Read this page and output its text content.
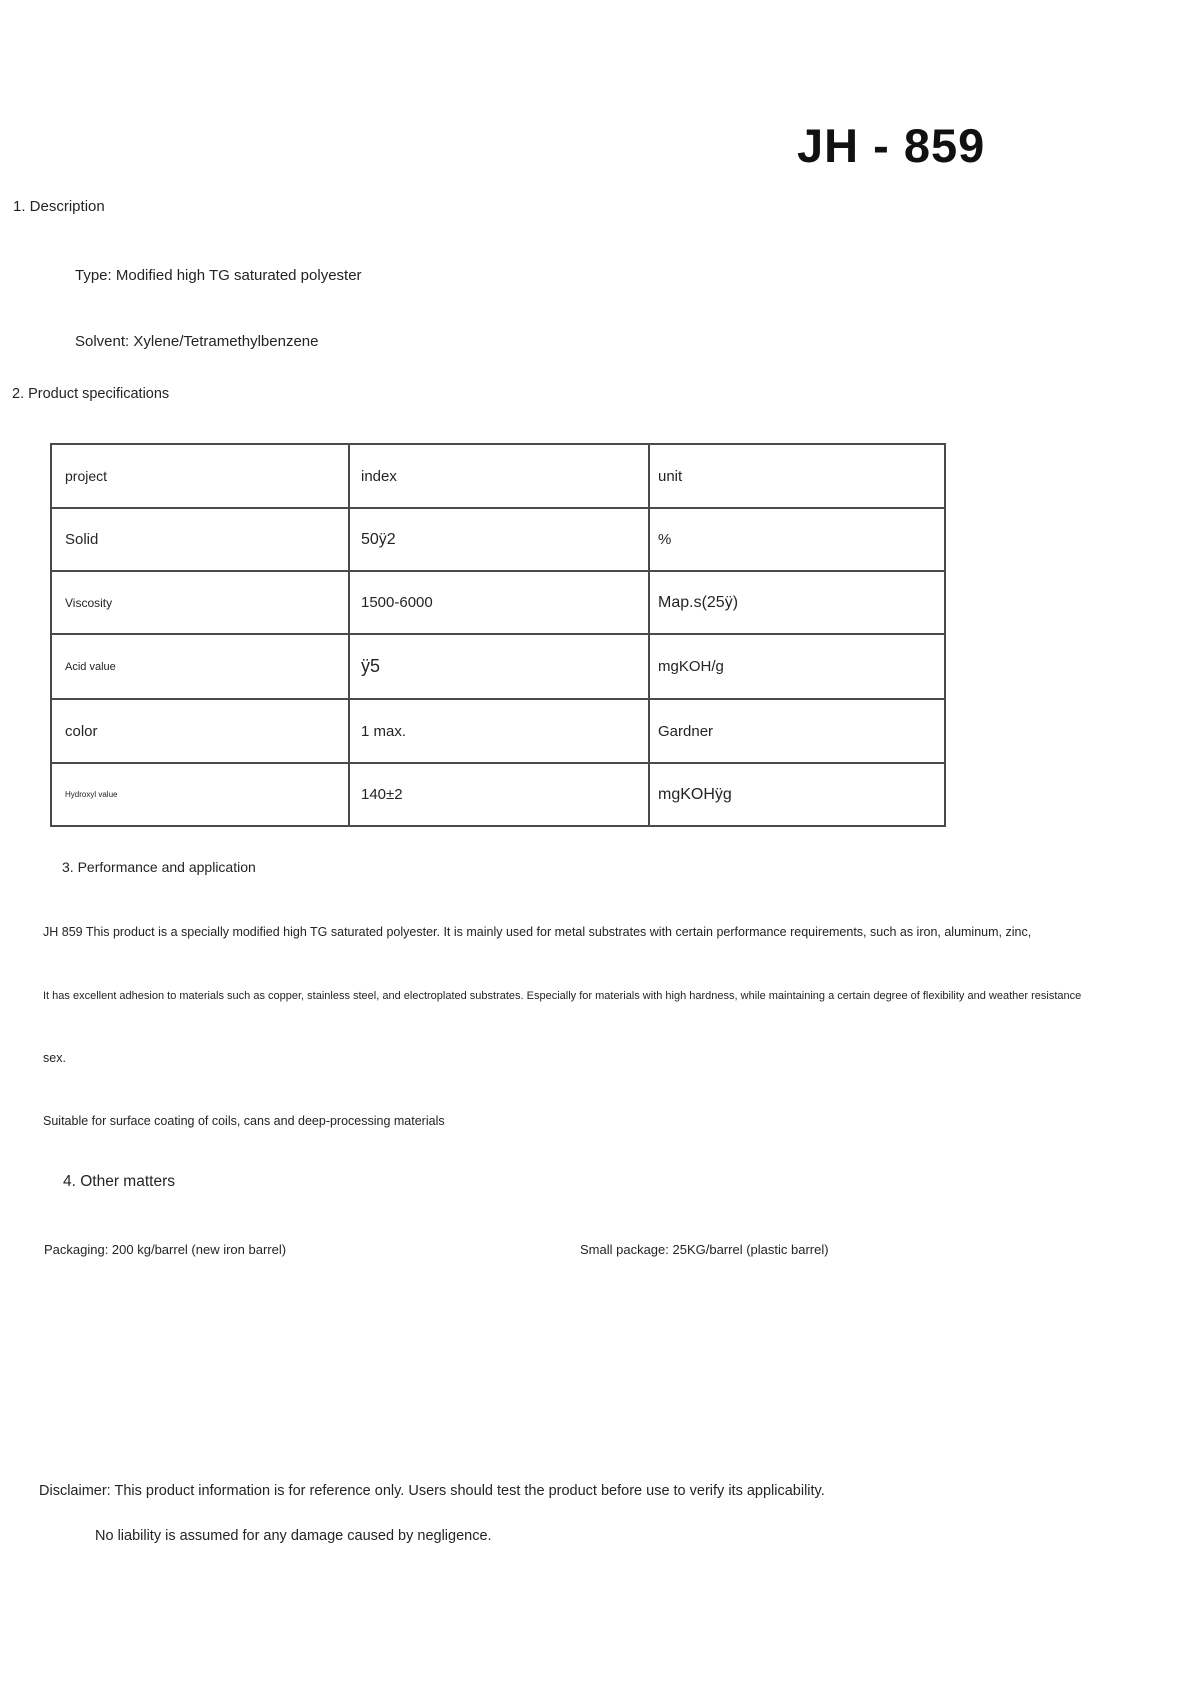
JH - 859
1. Description
Type: Modified high TG saturated polyester
Solvent: Xylene/Tetramethylbenzene
2. Product specifications
project	index	unit
Solid	50ÿ2	%
Viscosity	1500-6000	Map.s(25ÿ)
Acid value	ÿ5	mgKOH/g
color	1 max.	Gardner
Hydroxyl value	140±2	mgKOHÿg
3. Performance and application
JH 859 This product is a specially modified high TG saturated polyester. It is mainly used for metal substrates with certain performance requirements, such as iron, aluminum, zinc,
It has excellent adhesion to materials such as copper, stainless steel, and electroplated substrates. Especially for materials with high hardness, while maintaining a certain degree of flexibility and weather resistance
sex.
Suitable for surface coating of coils, cans and deep-processing materials
4. Other matters
Packaging: 200 kg/barrel (new iron barrel)	Small package: 25KG/barrel (plastic barrel)
Disclaimer: This product information is for reference only. Users should test the product before use to verify its applicability.
No liability is assumed for any damage caused by negligence.
